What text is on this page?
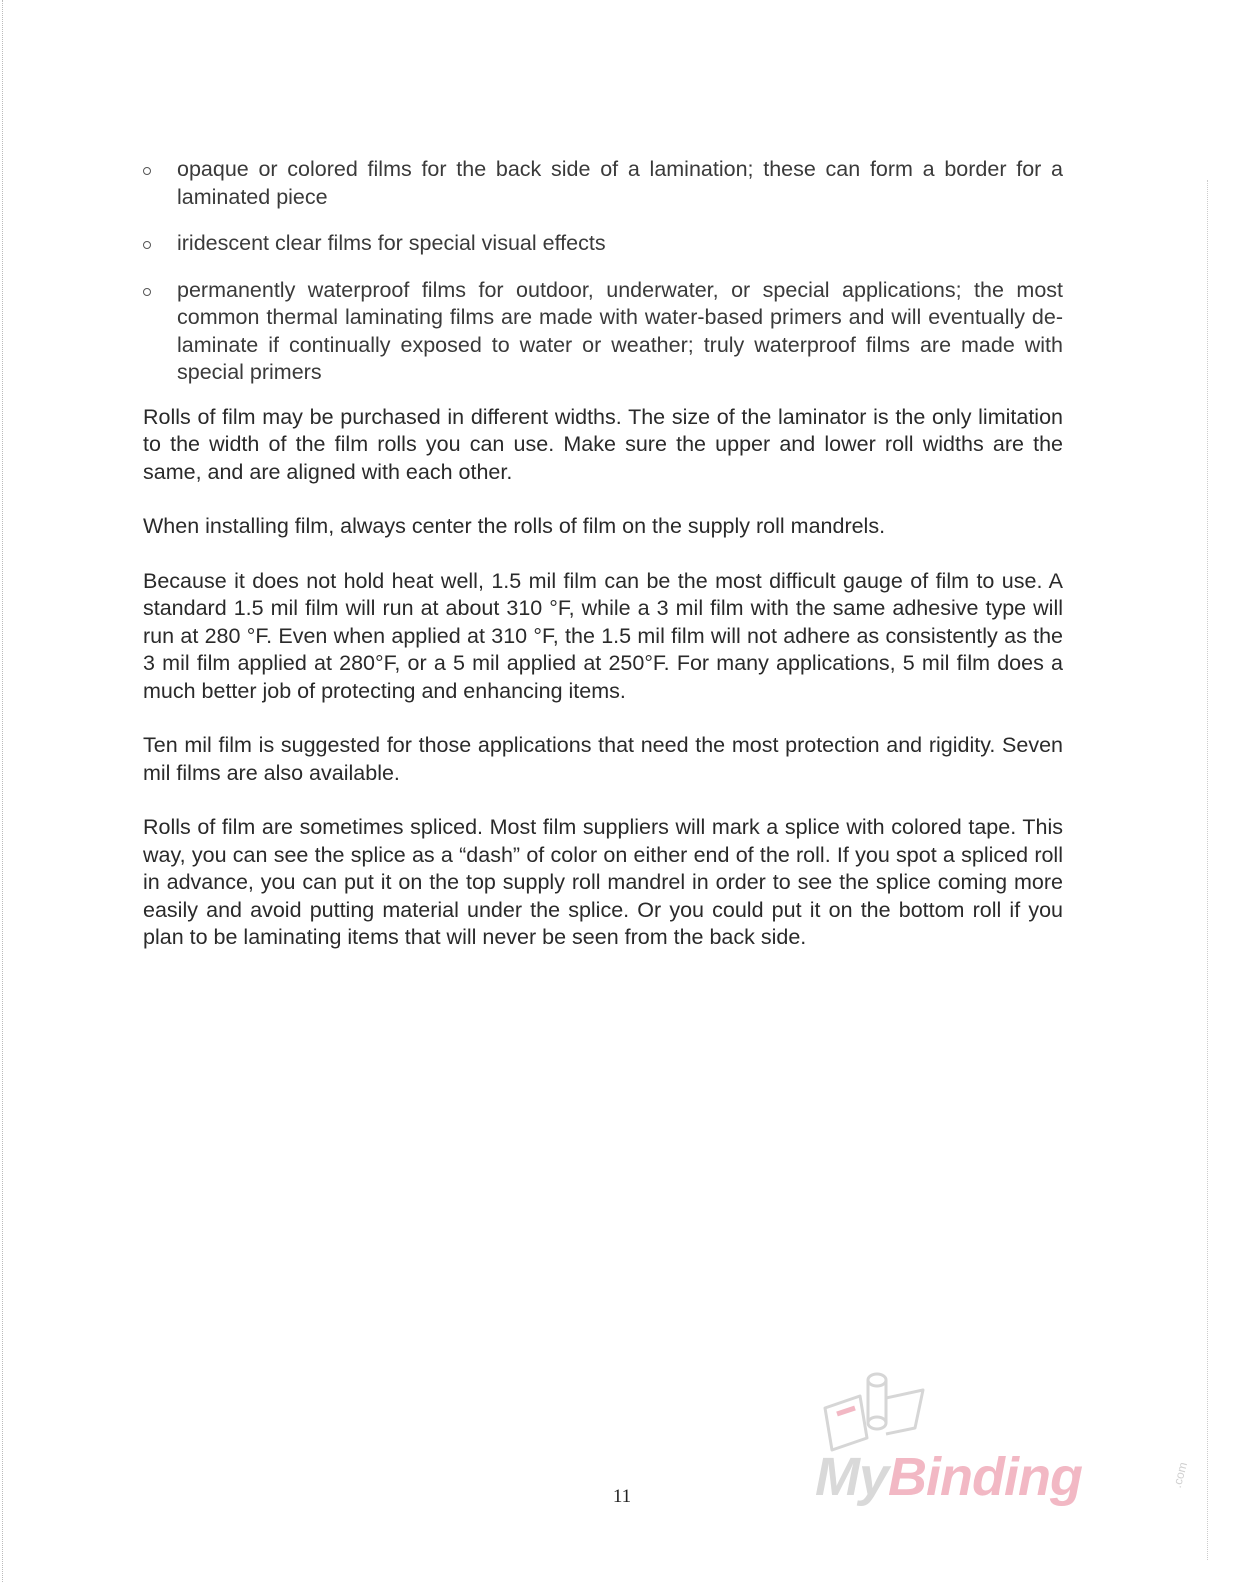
opaque or colored films for the back side of a lamination; these can form a border for a laminated piece
iridescent clear films for special visual effects
permanently waterproof films for outdoor, underwater, or special applications; the most common thermal laminating films are made with water-based primers and will eventually de-laminate if continually exposed to water or weather; truly waterproof films are made with special primers

Rolls of film may be purchased in different widths. The size of the laminator is the only limitation to the width of the film rolls you can use. Make sure the upper and lower roll widths are the same, and are aligned with each other.

When installing film, always center the rolls of film on the supply roll mandrels.

Because it does not hold heat well, 1.5 mil film can be the most difficult gauge of film to use. A standard 1.5 mil film will run at about 310 °F, while a 3 mil film with the same adhesive type will run at 280 °F. Even when applied at 310 °F, the 1.5 mil film will not adhere as consistently as the 3 mil film applied at 280°F, or a 5 mil applied at 250°F. For many applications, 5 mil film does a much better job of protecting and enhancing items.

Ten mil film is suggested for those applications that need the most protection and rigidity. Seven mil films are also available.

Rolls of film are sometimes spliced. Most film suppliers will mark a splice with colored tape. This way, you can see the splice as a “dash” of color on either end of the roll. If you spot a spliced roll in advance, you can put it on the top supply roll mandrel in order to see the splice coming more easily and avoid putting material under the splice. Or you could put it on the bottom roll if you plan to be laminating items that will never be seen from the back side.

11	MyBinding	.com
